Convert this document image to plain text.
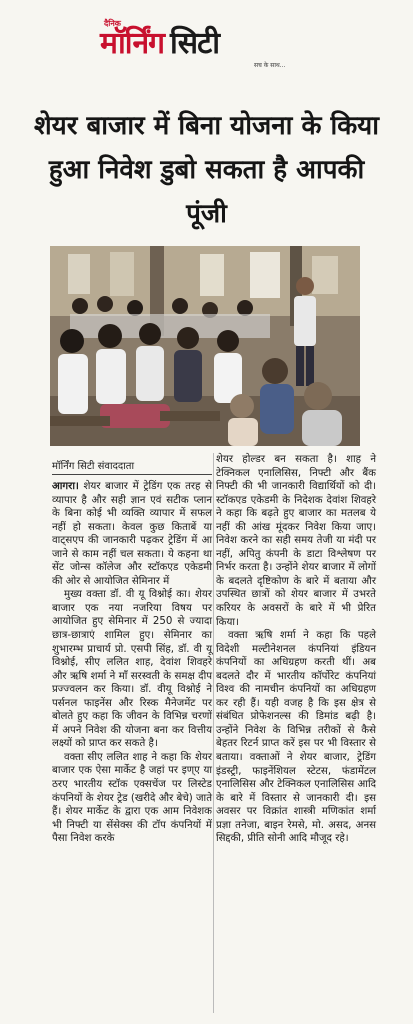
दैनिक
मॉर्निंग सिटी
सच के साथ...
शेयर बाजार में बिना योजना के किया हुआ निवेश डुबो सकता है आपकी पूंजी
मॉर्निंग सिटी संवाददाता

आगरा। शेयर बाजार में ट्रेडिंग एक तरह से व्यापार है और सही ज्ञान एवं सटीक प्लान के बिना कोई भी व्यक्ति व्यापार में सफल नहीं हो सकता। केवल कुछ किताबें या वाट्सएप की जानकारी पढ़कर ट्रेडिंग में आ जाने से काम नहीं चल सकता। ये कहना था सेंट जोन्स कॉलेज और स्टॉकएड एकेडमी की ओर से आयोजित सेमिनार में

मुख्य वक्ता डॉ. वी यू विश्नोई का। शेयर बाजार एक नया नजरिया विषय पर आयोजित हुए सेमिनार में 250 से ज्यादा छात्र-छात्राएं शामिल हुए। सेमिनार का शुभारम्भ प्राचार्य प्रो. एसपी सिंह, डॉ. वी यू विश्नोई, सीए ललित शाह, देवांश शिवहरे और ऋषि शर्मा ने माँ सरस्वती के समक्ष दीप प्रज्ज्वलन कर किया। डॉ. वीयू विश्नोई ने पर्सनल फाइनेंस और रिस्क मैनेजमेंट पर बोलते हुए कहा कि जीवन के विभिन्न चरणों में अपने निवेश की योजना बना कर वित्तीय लक्ष्यों को प्राप्त कर सकते है।

वक्ता सीए ललित शाह ने कहा कि शेयर बाजार एक ऐसा मार्केट है जहां पर इण्ए या ठरए भारतीय स्टॉक एक्सचेंज पर लिस्टेड कंपनियों के शेयर ट्रेड (खरीदे और बेचे) जाते हैं। शेयर मार्केट के द्वारा एक आम निवेशक भी निफ्टी या सेंसेक्स की टॉप कंपनियों में पैसा निवेश करके

शेयर होल्डर बन सकता है। शाह ने टेक्निकल एनालिसिस, निफ्टी और बैंक निफ्टी की भी जानकारी विद्यार्थियों को दी। स्टॉकएड एकेडमी के निदेशक देवांश शिवहरे ने कहा कि बढ़ते हुए बाजार का मतलब ये नहीं की आंख मूंदकर निवेश किया जाए। निवेश करने का सही समय तेजी या मंदी पर नहीं, अपितु कंपनी के डाटा विश्लेषण पर निर्भर करता है। उन्होंने शेयर बाजार में लोगों के बदलते दृष्टिकोण के बारे में बताया और उपस्थित छात्रों को शेयर बाजार में उभरते करियर के अवसरों के बारे में भी प्रेरित किया।

वक्ता ऋषि शर्मा ने कहा कि पहले विदेशी मल्टीनेशनल कंपनियां इंडियन कंपनियों का अधिग्रहण करती थीं। अब बदलते दौर में भारतीय कॉर्पोरेट कंपनियां विश्व की नामचीन कंपनियों का अधिग्रहण कर रही हैं। यही वजह है कि इस क्षेत्र से संबंधित प्रोफेशनल्स की डिमांड बढ़ी है। उन्होंने निवेश के विभिन्न तरीकों से कैसे बेहतर रिटर्न प्राप्त करें इस पर भी विस्तार से बताया। वक्ताओं ने शेयर बाजार, ट्रेडिंग इंडस्ट्री, फाइनेंशियल स्टेटस, फंडामेंटल एनालिसिस और टेक्निकल एनालिसिस आदि के बारे में विस्तार से जानकारी दी। इस अवसर पर विक्रांत शास्त्री मणिकांत शर्मा प्रज्ञा तनेजा, बाइन रेमसे, मो. असद, अनस सिद्दकी, प्रीति सोनी आदि मौजूद रहे।
